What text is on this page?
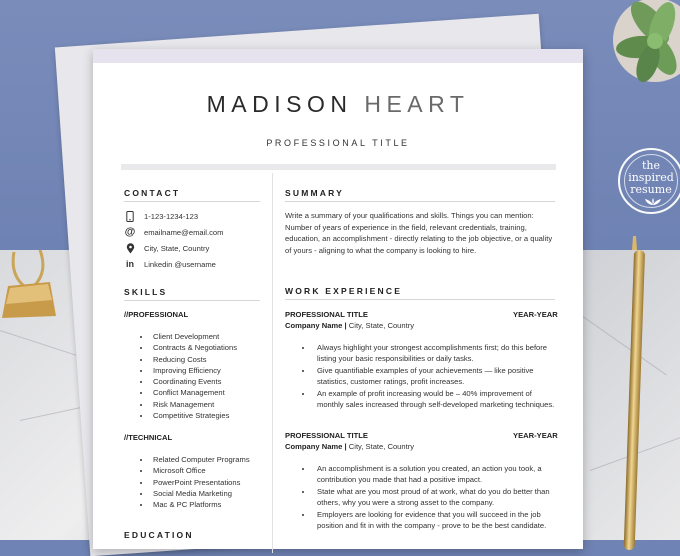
the
inspired
resume
MADISON HEART
PROFESSIONAL TITLE
CONTACT
1-123-1234-123
@ emailname@email.com
City, State, Country
in Linkedin @username
SKILLS
//PROFESSIONAL
• Client Development
• Contracts & Negotiations
• Reducing Costs
• Improving Efficiency
• Coordinating Events
• Conflict Management
• Risk Management
• Competitive Strategies
//TECHNICAL
• Related Computer Programs
• Microsoft Office
• PowerPoint Presentations
• Social Media Marketing
• Mac & PC Platforms
EDUCATION
SUMMARY
Write a summary of your qualifications and skills. Things you can mention: Number of years of experience in the field, relevant credentials, training, education, an accomplishment - directly relating to the job objective, or a quality of yours - aligning to what the company is looking to hire.
WORK EXPERIENCE
PROFESSIONAL TITLE	YEAR-YEAR
Company Name | City, State, Country
• Always highlight your strongest accomplishments first; do this before listing your basic responsibilities or daily tasks.
• Give quantifiable examples of your achievements — like positive statistics, customer ratings, profit increases.
• An example of profit increasing would be – 40% improvement of monthly sales increased through self-developed marketing techniques.
PROFESSIONAL TITLE	YEAR-YEAR
Company Name | City, State, Country
• An accomplishment is a solution you created, an action you took, a contribution you made that had a positive impact.
• State what are you most proud of at work, what do you do better than others, why you were a strong asset to the company.
• Employers are looking for evidence that you will succeed in the job position and fit in with the company - prove to be the best candidate.
